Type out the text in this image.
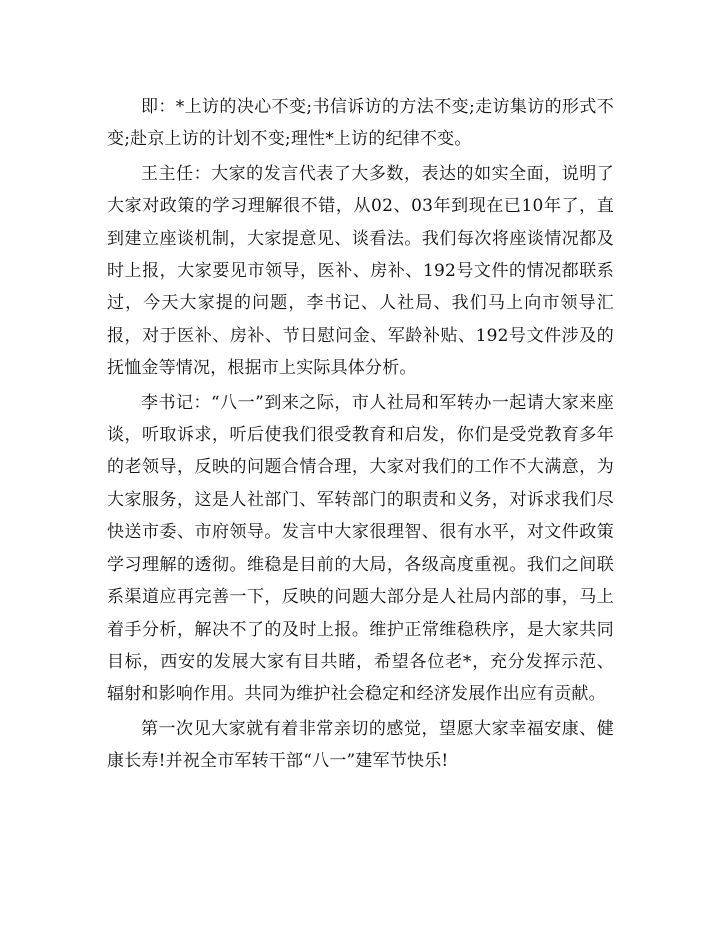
即：*上访的决心不变;书信诉访的方法不变;走访集访的形式不变;赴京上访的计划不变;理性*上访的纪律不变。

王主任：大家的发言代表了大多数，表达的如实全面，说明了大家对政策的学习理解很不错，从02、03年到现在已10年了，直到建立座谈机制，大家提意见、谈看法。我们每次将座谈情况都及时上报，大家要见市领导，医补、房补、192号文件的情况都联系过，今天大家提的问题，李书记、人社局、我们马上向市领导汇报，对于医补、房补、节日慰问金、军龄补贴、192号文件涉及的抚恤金等情况，根据市上实际具体分析。

李书记：“八一”到来之际，市人社局和军转办一起请大家来座谈，听取诉求，听后使我们很受教育和启发，你们是受党教育多年的老领导，反映的问题合情合理，大家对我们的工作不大满意，为大家服务，这是人社部门、军转部门的职责和义务，对诉求我们尽快送市委、市府领导。发言中大家很理智、很有水平，对文件政策学习理解的透彻。维稳是目前的大局，各级高度重视。我们之间联系渠道应再完善一下，反映的问题大部分是人社局内部的事，马上着手分析，解决不了的及时上报。维护正常维稳秩序，是大家共同目标，西安的发展大家有目共睹，希望各位老*，充分发挥示范、辐射和影响作用。共同为维护社会稳定和经济发展作出应有贡献。

第一次见大家就有着非常亲切的感觉，望愿大家幸福安康、健康长寿!并祝全市军转干部“八一”建军节快乐!
